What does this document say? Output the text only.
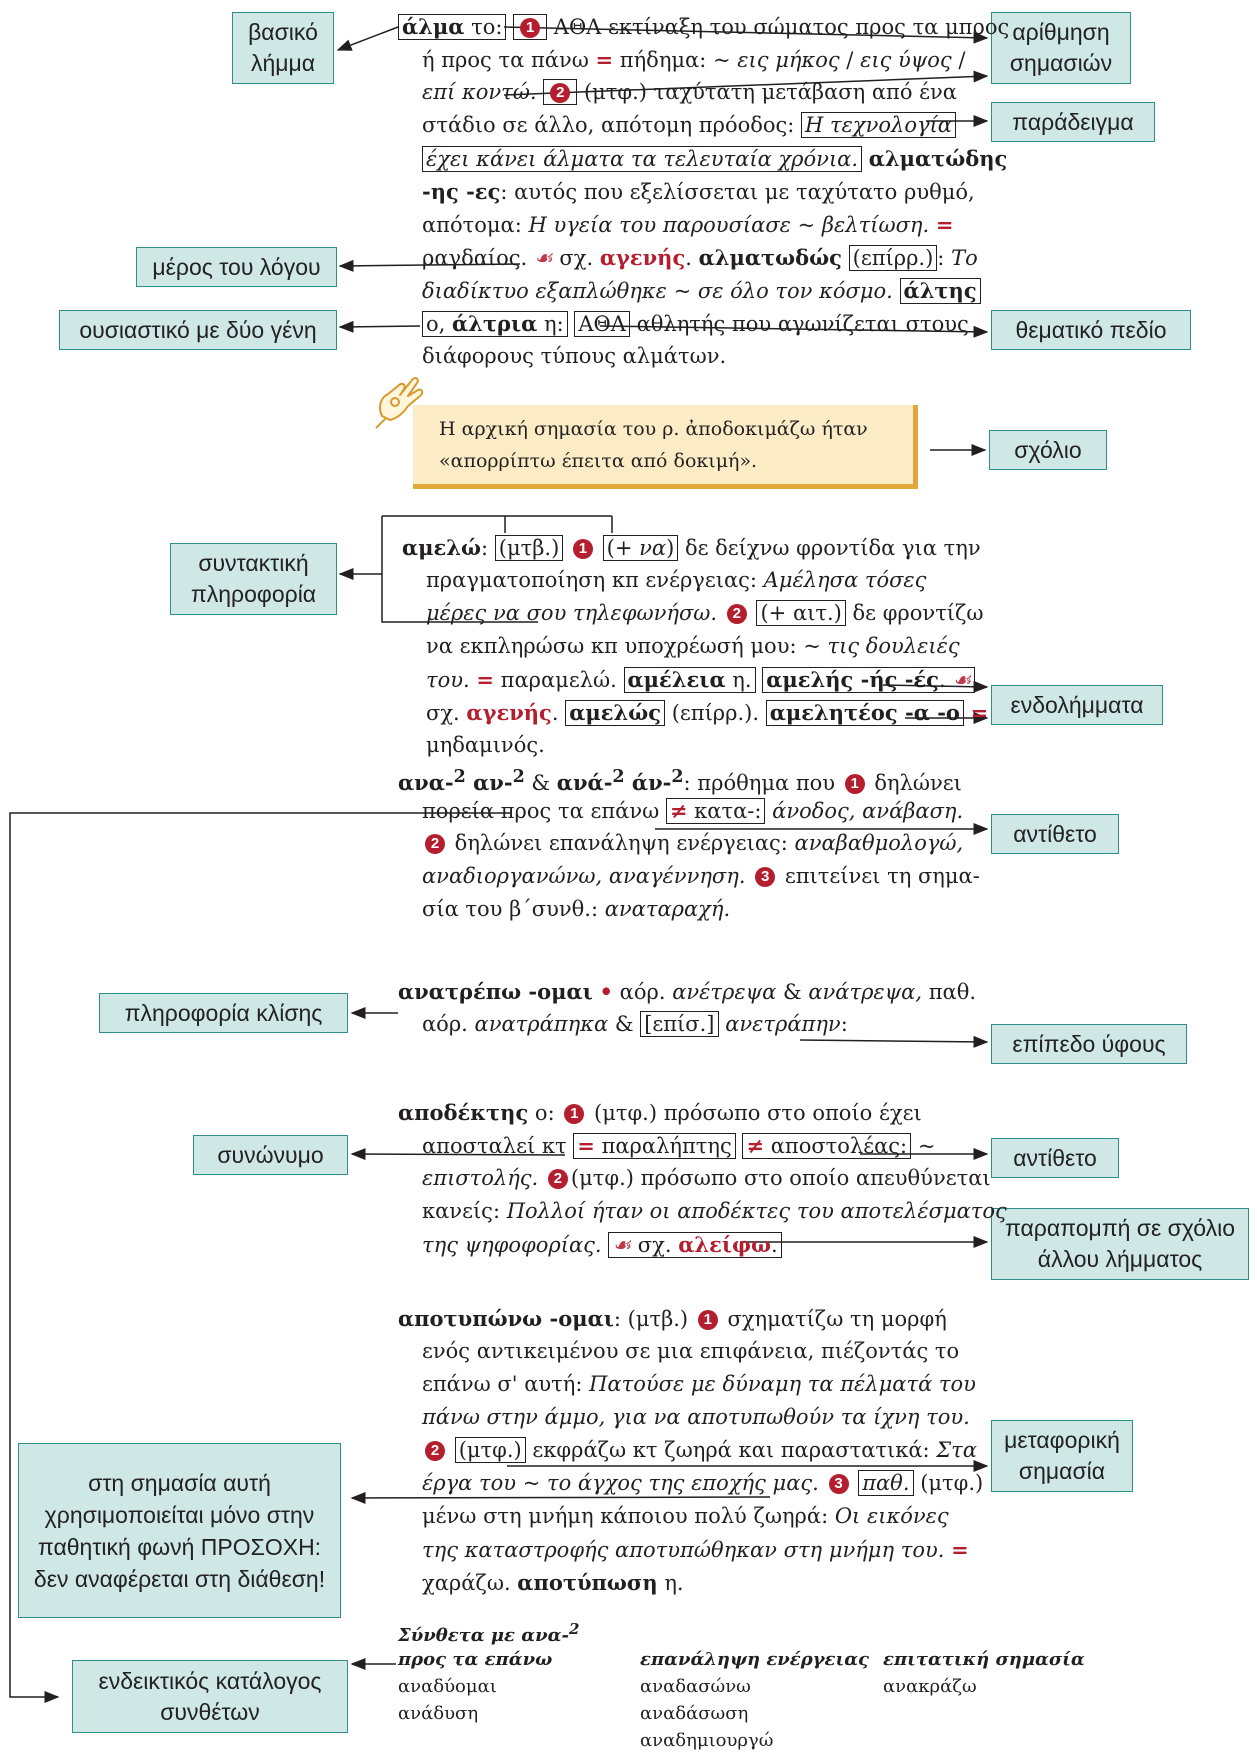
βασικό λήμμα
μέρος του λόγου
ουσιαστικό με δύο γένη
συντακτική πληροφορία
πληροφορία κλίσης
συνώνυμο
στη σημασία αυτή χρησιμοποιείται μόνο στην παθητική φωνή ΠΡΟΣΟΧΗ: δεν αναφέρεται στη διάθεση!
ενδεικτικός κατάλογος συνθέτων
αρίθμηση σημασιών
παράδειγμα
θεματικό πεδίο
σχόλιο
ενδολήμματα
αντίθετο
επίπεδο ύφους
αντίθετο
παραπομπή σε σχόλιο άλλου λήμματος
μεταφορική σημασία
άλμα το: 1 ΑΘΛ εκτίναξη του σώματος προς τα μπρος
ή προς τα πάνω = πήδημα: ~ εις μήκος / εις ύψος /
επί κοντώ. 2 (μτφ.) ταχύτατη μετάβαση από ένα
στάδιο σε άλλο, απότομη πρόοδος: Η τεχνολογία
έχει κάνει άλματα τα τελευταία χρόνια. αλματώδης
-ης -ες: αυτός που εξελίσσεται με ταχύτατο ρυθμό,
απότομα: Η υγεία του παρουσίασε ~ βελτίωση. =
ραγδαίος. ☙ σχ. αγενής. αλματωδώς (επίρρ.) : Το
διαδίκτυο εξαπλώθηκε ~ σε όλο τον κόσμο. άλτης
ο, άλτρια η: ΑΘΛ αθλητής που αγωνίζεται στους
διάφορους τύπους αλμάτων.
αμελώ: (μτβ.) 1 (+ να) δε δείχνω φροντίδα για την
πραγματοποίηση κπ ενέργειας: Αμέλησα τόσες
μέρες να σου τηλεφωνήσω. 2 (+ αιτ.) δε φροντίζω
να εκπληρώσω κπ υποχρέωσή μου: ~ τις δουλειές
του. = παραμελώ. αμέλεια η. αμελής -ής -ές. ☙
σχ. αγενής. αμελώς (επίρρ.). αμελητέος -α -ο =
μηδαμινός.
ανα-$^2$ αν-$^2$ & ανά-$^2$ άν-$^2$: πρόθημα που 1 δηλώνει
πορεία προς τα επάνω ≠ κατα-: άνοδος, ανάβαση.
2 δηλώνει επανάληψη ενέργειας: αναβαθμολογώ,
αναδιοργανώνω, αναγέννηση. 3 επιτείνει τη σημα-
σία του β΄συνθ.: αναταραχή.
ανατρέπω -ομαι • αόρ. ανέτρεψα & ανάτρεψα, παθ.
αόρ. ανατράπηκα & [επίσ.] ανετράπην:
αποδέκτης ο: 1 (μτφ.) πρόσωπο στο οποίο έχει
αποσταλεί κτ = παραλήπτης ≠ αποστολέας: ~
επιστολής. 2 (μτφ.) πρόσωπο στο οποίο απευθύνεται
κανείς: Πολλοί ήταν οι αποδέκτες του αποτελέσματος
της ψηφοφορίας. ☙ σχ. αλείφω.
αποτυπώνω -ομαι: (μτβ.) 1 σχηματίζω τη μορφή
ενός αντικειμένου σε μια επιφάνεια, πιέζοντάς το
επάνω σ' αυτή: Πατούσε με δύναμη τα πέλματά του
πάνω στην άμμο, για να αποτυπωθούν τα ίχνη του.
2 (μτφ.) εκφράζω κτ ζωηρά και παραστατικά: Στα
έργα του ~ το άγχος της εποχής μας. 3 παθ. (μτφ.)
μένω στη μνήμη κάποιου πολύ ζωηρά: Οι εικόνες
της καταστροφής αποτυπώθηκαν στη μνήμη του. =
χαράζω. αποτύπωση η.
Η αρχική σημασία του ρ. ἀποδοκιμάζω ήταν «απορρίπτω έπειτα από δοκιμή».
Σύνθετα με ανα-$^2$
προς τα επάνω
αναδύομαι
ανάδυση
επανάληψη ενέργειας
αναδασώνω
αναδάσωση
αναδημιουργώ
επιτατική σημασία
ανακράζω
